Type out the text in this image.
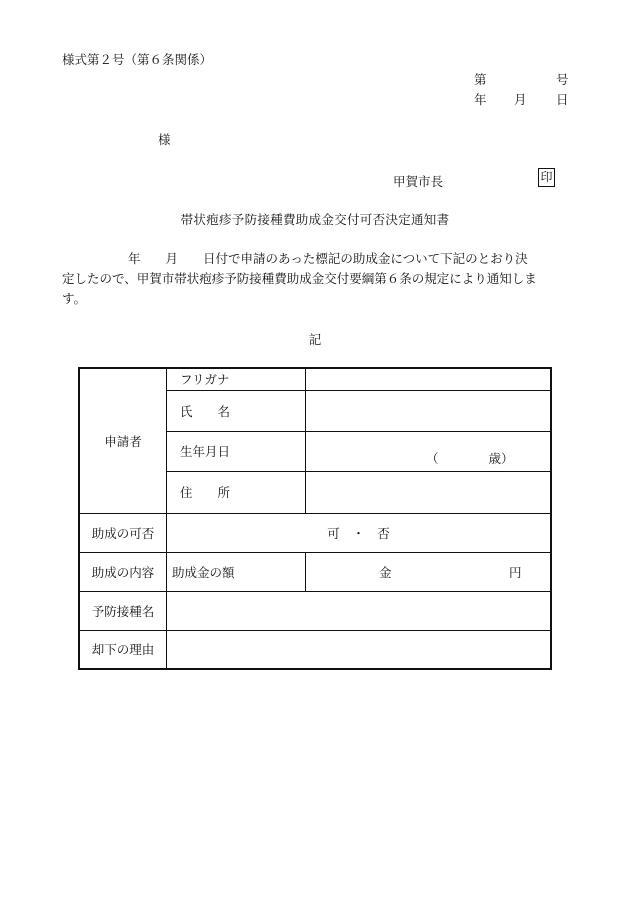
様式第２号（第６条関係）
第	号
年 月 日
様
甲賀市長	印
帯状疱疹予防接種費助成金交付可否決定通知書
年　　月　　日付で申請のあった標記の助成金について下記のとおり決
定したので、甲賀市帯状疱疹予防接種費助成金交付要綱第６条の規定により通知しま
す。
記
申請者	フリガナ	
	氏　　名	
	生年月日	（　　　　歳）

	住　　所	
助成の可否	可　・　否	
助成の内容	助成金の額	金 円
予防接種名		
却下の理由		
